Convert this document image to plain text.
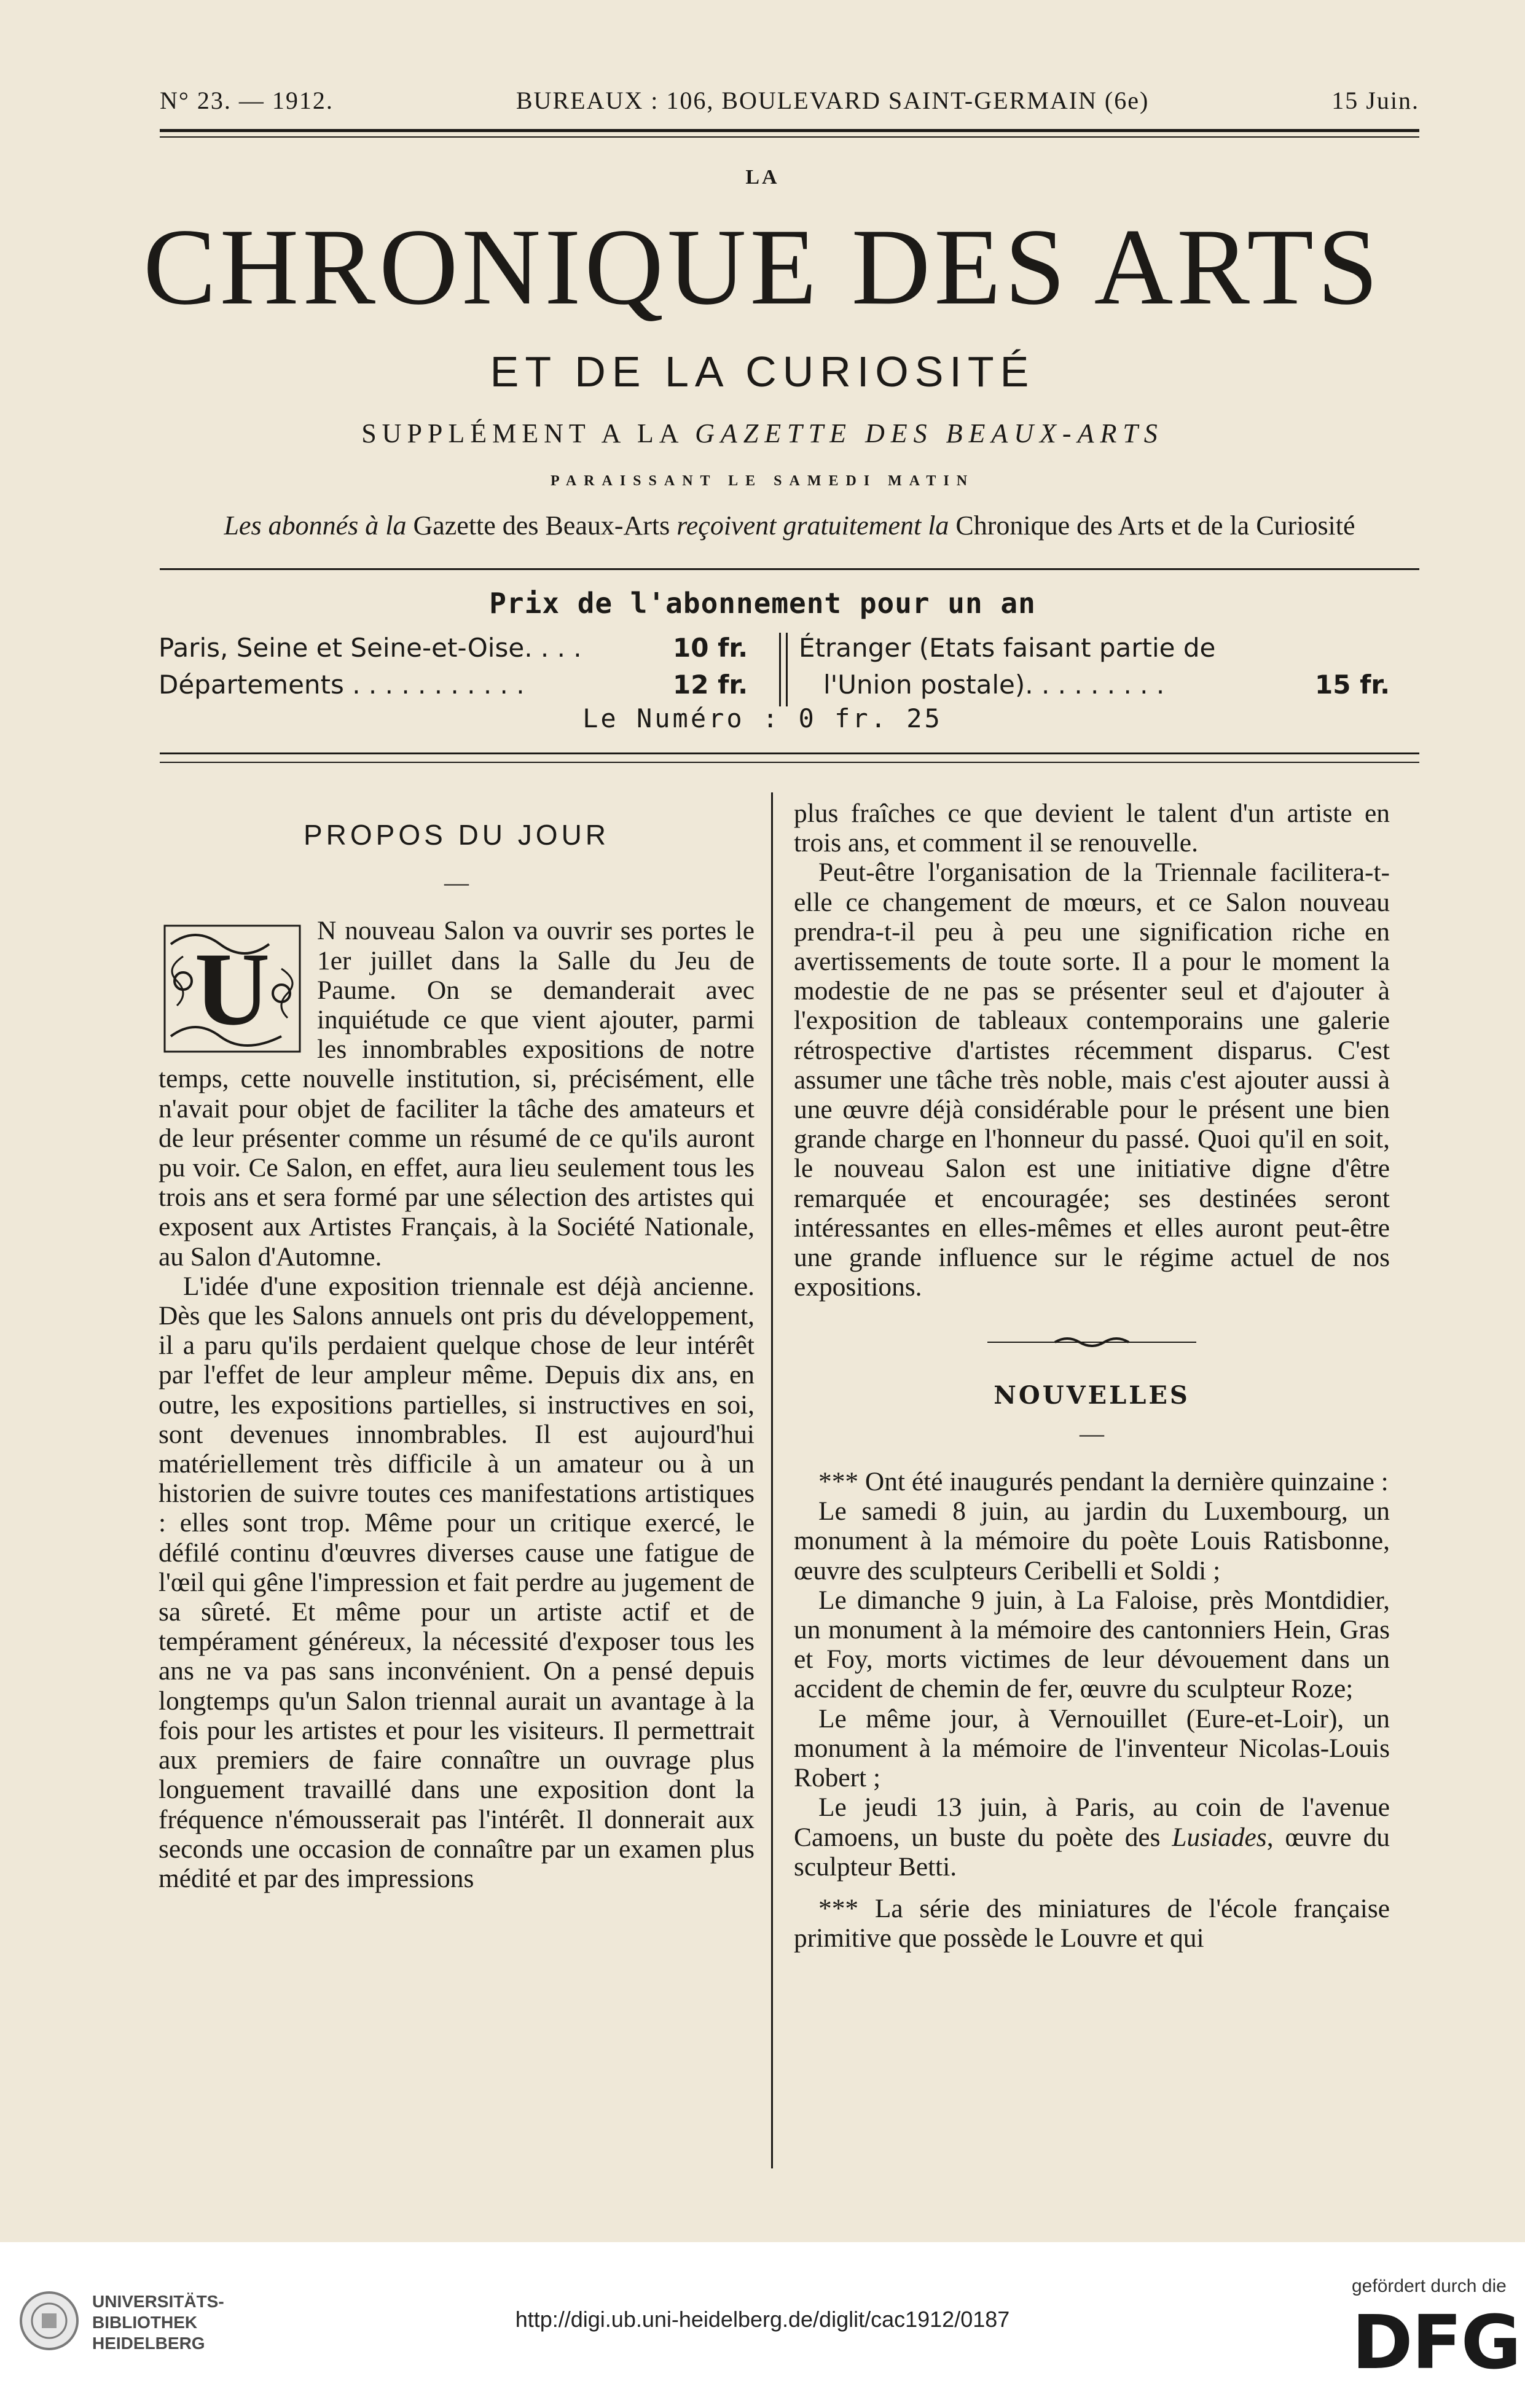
N° 23. — 1912.	BUREAUX : 106, BOULEVARD SAINT-GERMAIN (6e)	15 Juin.
LA
CHRONIQUE DES ARTS
ET DE LA CURIOSITÉ
SUPPLÉMENT A LA GAZETTE DES BEAUX-ARTS
PARAISSANT LE SAMEDI MATIN
Les abonnés à la Gazette des Beaux-Arts reçoivent gratuitement la Chronique des Arts et de la Curiosité
Prix de l'abonnement pour un an
Paris, Seine et Seine-et-Oise. . . .	10 fr.
Départements . . . . . . . . . . .	12 fr.
Étranger (Etats faisant partie de
l'Union postale). . . . . . . . .	15 fr.
Le Numéro : 0 fr. 25
PROPOS DU JOUR
—

U
N nouveau Salon va ouvrir ses portes le 1er juillet dans la Salle du Jeu de Paume. On se demanderait avec inquiétude ce que vient ajouter, parmi les innombrables expositions de notre temps, cette nouvelle institution, si, précisément, elle n'avait pour objet de faciliter la tâche des amateurs et de leur présenter comme un résumé de ce qu'ils auront pu voir. Ce Salon, en effet, aura lieu seulement tous les trois ans et sera formé par une sélection des artistes qui exposent aux Artistes Français, à la Société Nationale, au Salon d'Automne.

L'idée d'une exposition triennale est déjà ancienne. Dès que les Salons annuels ont pris du développement, il a paru qu'ils perdaient quelque chose de leur intérêt par l'effet de leur ampleur même. Depuis dix ans, en outre, les expositions partielles, si instructives en soi, sont devenues innombrables. Il est aujourd'hui matériellement très difficile à un amateur ou à un historien de suivre toutes ces manifestations artistiques : elles sont trop. Même pour un critique exercé, le défilé continu d'œuvres diverses cause une fatigue de l'œil qui gêne l'impression et fait perdre au jugement de sa sûreté. Et même pour un artiste actif et de tempérament généreux, la nécessité d'exposer tous les ans ne va pas sans inconvénient. On a pensé depuis longtemps qu'un Salon triennal aurait un avantage à la fois pour les artistes et pour les visiteurs. Il permettrait aux premiers de faire connaître un ouvrage plus longuement travaillé dans une exposition dont la fréquence n'émousserait pas l'intérêt. Il donnerait aux seconds une occasion de connaître par un examen plus médité et par des impressions

plus fraîches ce que devient le talent d'un artiste en trois ans, et comment il se renouvelle.

Peut-être l'organisation de la Triennale facilitera-t-elle ce changement de mœurs, et ce Salon nouveau prendra-t-il peu à peu une signification riche en avertissements de toute sorte. Il a pour le moment la modestie de ne pas se présenter seul et d'ajouter à l'exposition de tableaux contemporains une galerie rétrospective d'artistes récemment disparus. C'est assumer une tâche très noble, mais c'est ajouter aussi à une œuvre déjà considérable pour le présent une bien grande charge en l'honneur du passé. Quoi qu'il en soit, le nouveau Salon est une initiative digne d'être remarquée et encouragée; ses destinées seront intéressantes en elles-mêmes et elles auront peut-être une grande influence sur le régime actuel de nos expositions.

NOUVELLES
—

*** Ont été inaugurés pendant la dernière quinzaine :

Le samedi 8 juin, au jardin du Luxembourg, un monument à la mémoire du poète Louis Ratisbonne, œuvre des sculpteurs Ceribelli et Soldi ;

Le dimanche 9 juin, à La Faloise, près Montdidier, un monument à la mémoire des cantonniers Hein, Gras et Foy, morts victimes de leur dévouement dans un accident de chemin de fer, œuvre du sculpteur Roze;

Le même jour, à Vernouillet (Eure-et-Loir), un monument à la mémoire de l'inventeur Nicolas-Louis Robert ;

Le jeudi 13 juin, à Paris, au coin de l'avenue Camoens, un buste du poète des Lusiades, œuvre du sculpteur Betti.

*** La série des miniatures de l'école française primitive que possède le Louvre et qui

UNIVERSITÄTS-
BIBLIOTHEK
HEIDELBERG
http://digi.ub.uni-heidelberg.de/diglit/cac1912/0187
gefördert durch die
DFG
